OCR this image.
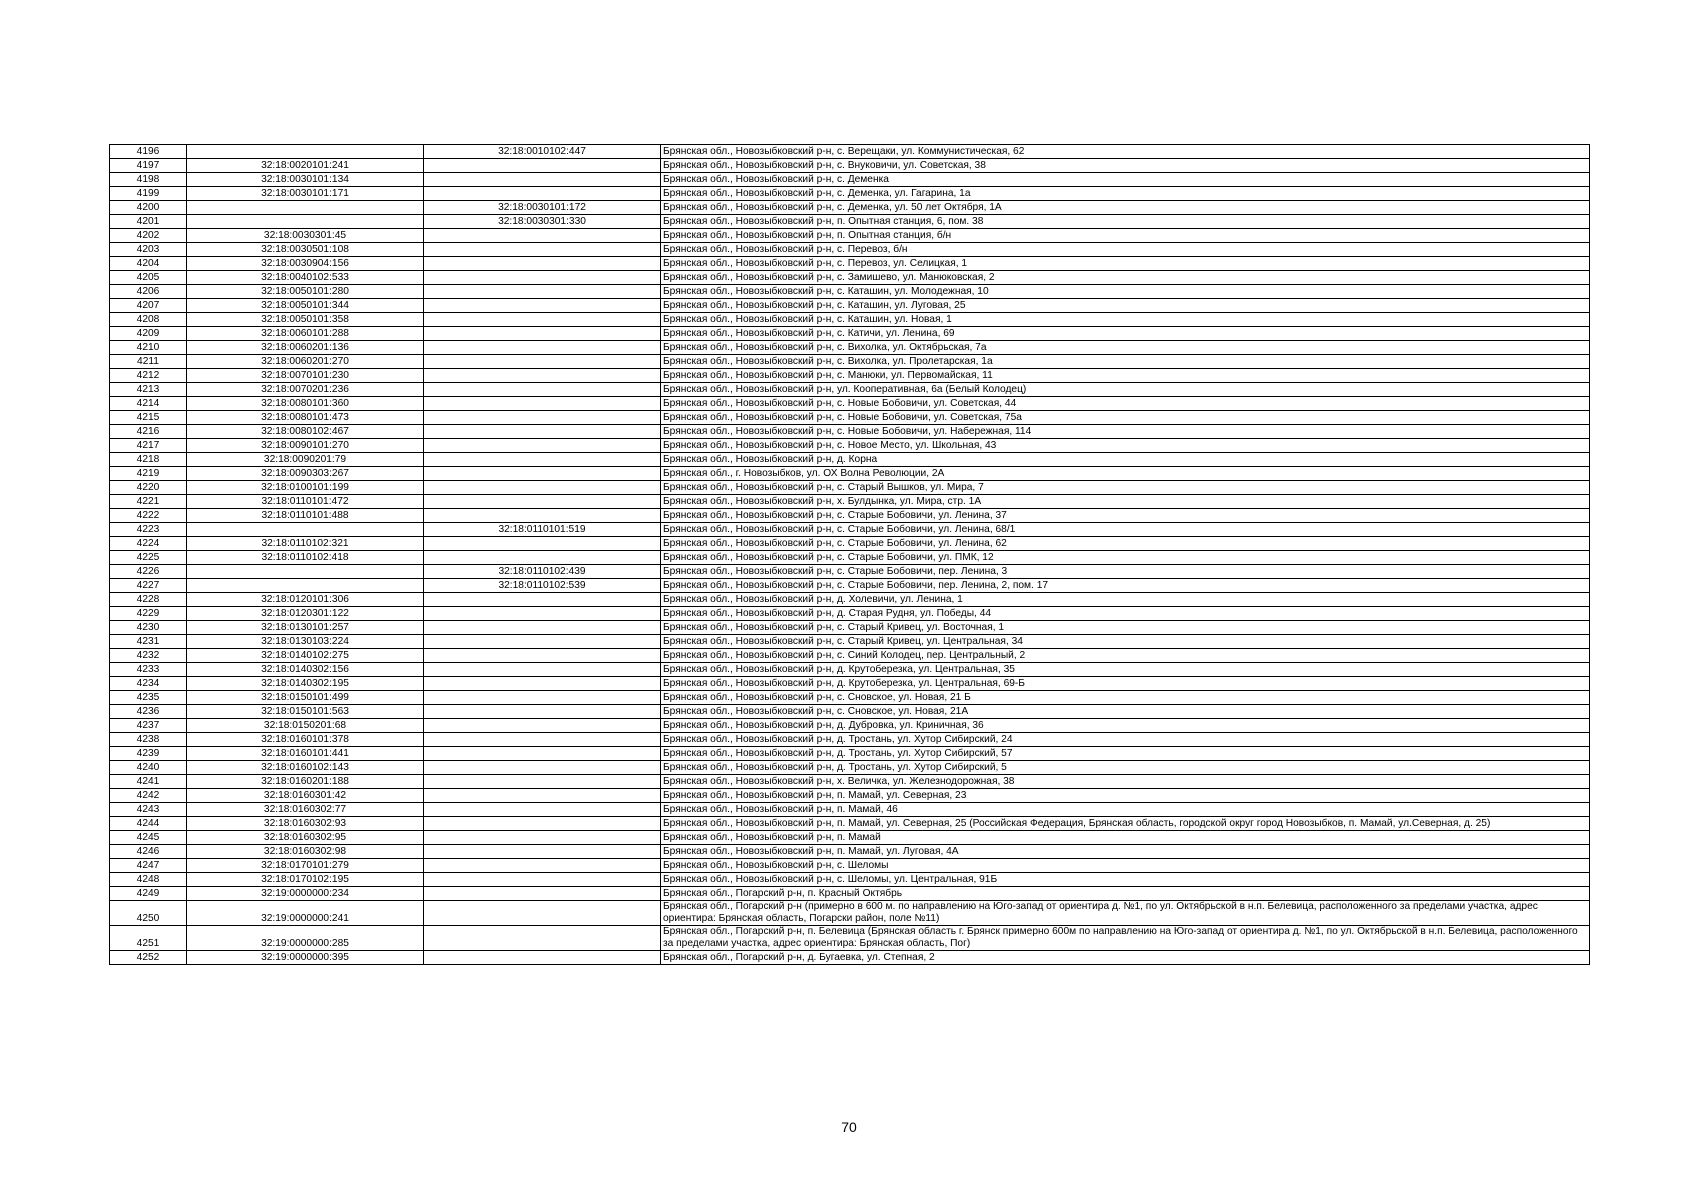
4196		32:18:0010102:447	Брянская обл., Новозыбковский р-н, с. Верещаки, ул. Коммунистическая, 62
4197	32:18:0020101:241		Брянская обл., Новозыбковский р-н, с. Внуковичи, ул. Советская, 38
4198	32:18:0030101:134		Брянская обл., Новозыбковский р-н, с. Деменка
4199	32:18:0030101:171		Брянская обл., Новозыбковский р-н, с. Деменка, ул. Гагарина, 1а
4200		32:18:0030101:172	Брянская обл., Новозыбковский р-н, с. Деменка, ул. 50 лет Октября, 1А
4201		32:18:0030301:330	Брянская обл., Новозыбковский р-н, п. Опытная станция, 6, пом. 38
4202	32:18:0030301:45		Брянская обл., Новозыбковский р-н, п. Опытная станция, б/н
4203	32:18:0030501:108		Брянская обл., Новозыбковский р-н, с. Перевоз, б/н
4204	32:18:0030904:156		Брянская обл., Новозыбковский р-н, с. Перевоз, ул. Селицкая, 1
4205	32:18:0040102:533		Брянская обл., Новозыбковский р-н, с. Замишево, ул. Манюковская, 2
4206	32:18:0050101:280		Брянская обл., Новозыбковский р-н, с. Каташин, ул. Молодежная, 10
4207	32:18:0050101:344		Брянская обл., Новозыбковский р-н, с. Каташин, ул. Луговая, 25
4208	32:18:0050101:358		Брянская обл., Новозыбковский р-н, с. Каташин, ул. Новая, 1
4209	32:18:0060101:288		Брянская обл., Новозыбковский р-н, с. Катичи, ул. Ленина, 69
4210	32:18:0060201:136		Брянская обл., Новозыбковский р-н, с. Вихолка, ул. Октябрьская, 7а
4211	32:18:0060201:270		Брянская обл., Новозыбковский р-н, с. Вихолка, ул. Пролетарская, 1а
4212	32:18:0070101:230		Брянская обл., Новозыбковский р-н, с. Манюки, ул. Первомайская, 11
4213	32:18:0070201:236		Брянская обл., Новозыбковский р-н, ул. Кооперативная, 6а (Белый Колодец)
4214	32:18:0080101:360		Брянская обл., Новозыбковский р-н, с. Новые Бобовичи, ул. Советская, 44
4215	32:18:0080101:473		Брянская обл., Новозыбковский р-н, с. Новые Бобовичи, ул. Советская, 75а
4216	32:18:0080102:467		Брянская обл., Новозыбковский р-н, с. Новые Бобовичи, ул. Набережная, 114
4217	32:18:0090101:270		Брянская обл., Новозыбковский р-н, с. Новое Место, ул. Школьная, 43
4218	32:18:0090201:79		Брянская обл., Новозыбковский р-н, д. Корна
4219	32:18:0090303:267		Брянская обл., г. Новозыбков, ул. ОХ Волна Революции, 2А
4220	32:18:0100101:199		Брянская обл., Новозыбковский р-н, с. Старый Вышков, ул. Мира, 7
4221	32:18:0110101:472		Брянская обл., Новозыбковский р-н, х. Булдынка, ул. Мира, стр. 1А
4222	32:18:0110101:488		Брянская обл., Новозыбковский р-н, с. Старые Бобовичи, ул. Ленина, 37
4223		32:18:0110101:519	Брянская обл., Новозыбковский р-н, с. Старые Бобовичи, ул. Ленина, 68/1
4224	32:18:0110102:321		Брянская обл., Новозыбковский р-н, с. Старые Бобовичи, ул. Ленина, 62
4225	32:18:0110102:418		Брянская обл., Новозыбковский р-н, с. Старые Бобовичи, ул. ПМК, 12
4226		32:18:0110102:439	Брянская обл., Новозыбковский р-н, с. Старые Бобовичи, пер. Ленина, 3
4227		32:18:0110102:539	Брянская обл., Новозыбковский р-н, с. Старые Бобовичи, пер. Ленина, 2, пом. 17
4228	32:18:0120101:306		Брянская обл., Новозыбковский р-н, д. Холевичи, ул. Ленина, 1
4229	32:18:0120301:122		Брянская обл., Новозыбковский р-н, д. Старая Рудня, ул. Победы, 44
4230	32:18:0130101:257		Брянская обл., Новозыбковский р-н, с. Старый Кривец, ул. Восточная, 1
4231	32:18:0130103:224		Брянская обл., Новозыбковский р-н, с. Старый Кривец, ул. Центральная, 34
4232	32:18:0140102:275		Брянская обл., Новозыбковский р-н, с. Синий Колодец, пер. Центральный, 2
4233	32:18:0140302:156		Брянская обл., Новозыбковский р-н, д. Крутоберезка, ул. Центральная, 35
4234	32:18:0140302:195		Брянская обл., Новозыбковский р-н, д. Крутоберезка, ул. Центральная, 69-Б
4235	32:18:0150101:499		Брянская обл., Новозыбковский р-н, с. Сновское, ул. Новая, 21 Б
4236	32:18:0150101:563		Брянская обл., Новозыбковский р-н, с. Сновское, ул. Новая, 21А
4237	32:18:0150201:68		Брянская обл., Новозыбковский р-н, д. Дубровка, ул. Криничная, 36
4238	32:18:0160101:378		Брянская обл., Новозыбковский р-н, д. Тростань, ул. Хутор Сибирский, 24
4239	32:18:0160101:441		Брянская обл., Новозыбковский р-н, д. Тростань, ул. Хутор Сибирский, 57
4240	32:18:0160102:143		Брянская обл., Новозыбковский р-н, д. Тростань, ул. Хутор Сибирский, 5
4241	32:18:0160201:188		Брянская обл., Новозыбковский р-н, х. Величка, ул. Железнодорожная, 38
4242	32:18:0160301:42		Брянская обл., Новозыбковский р-н, п. Мамай, ул. Северная, 23
4243	32:18:0160302:77		Брянская обл., Новозыбковский р-н, п. Мамай, 46
4244	32:18:0160302:93		Брянская обл., Новозыбковский р-н, п. Мамай, ул. Северная, 25 (Российская Федерация, Брянская область, городской округ город Новозыбков, п. Мамай, ул.Северная, д. 25)
4245	32:18:0160302:95		Брянская обл., Новозыбковский р-н, п. Мамай
4246	32:18:0160302:98		Брянская обл., Новозыбковский р-н, п. Мамай, ул. Луговая, 4А
4247	32:18:0170101:279		Брянская обл., Новозыбковский р-н, с. Шеломы
4248	32:18:0170102:195		Брянская обл., Новозыбковский р-н, с. Шеломы, ул. Центральная, 91Б
4249	32:19:0000000:234		Брянская обл., Погарский р-н, п. Красный Октябрь
4250	32:19:0000000:241		Брянская обл., Погарский р-н (примерно в 600 м. по направлению на Юго-запад от ориентира д. №1, по ул. Октябрьской в н.п. Белевица, расположенного за пределами участка, адрес ориентира: Брянская область, Погарски район, поле №11)
4251	32:19:0000000:285		Брянская обл., Погарский р-н, п. Белевица (Брянская область г. Брянск примерно 600м по направлению на Юго-запад от ориентира д. №1, по ул. Октябрьской в н.п. Белевица, расположенного за пределами участка, адрес ориентира: Брянская область, Пог)
4252	32:19:0000000:395		Брянская обл., Погарский р-н, д. Бугаевка, ул. Степная, 2
70
